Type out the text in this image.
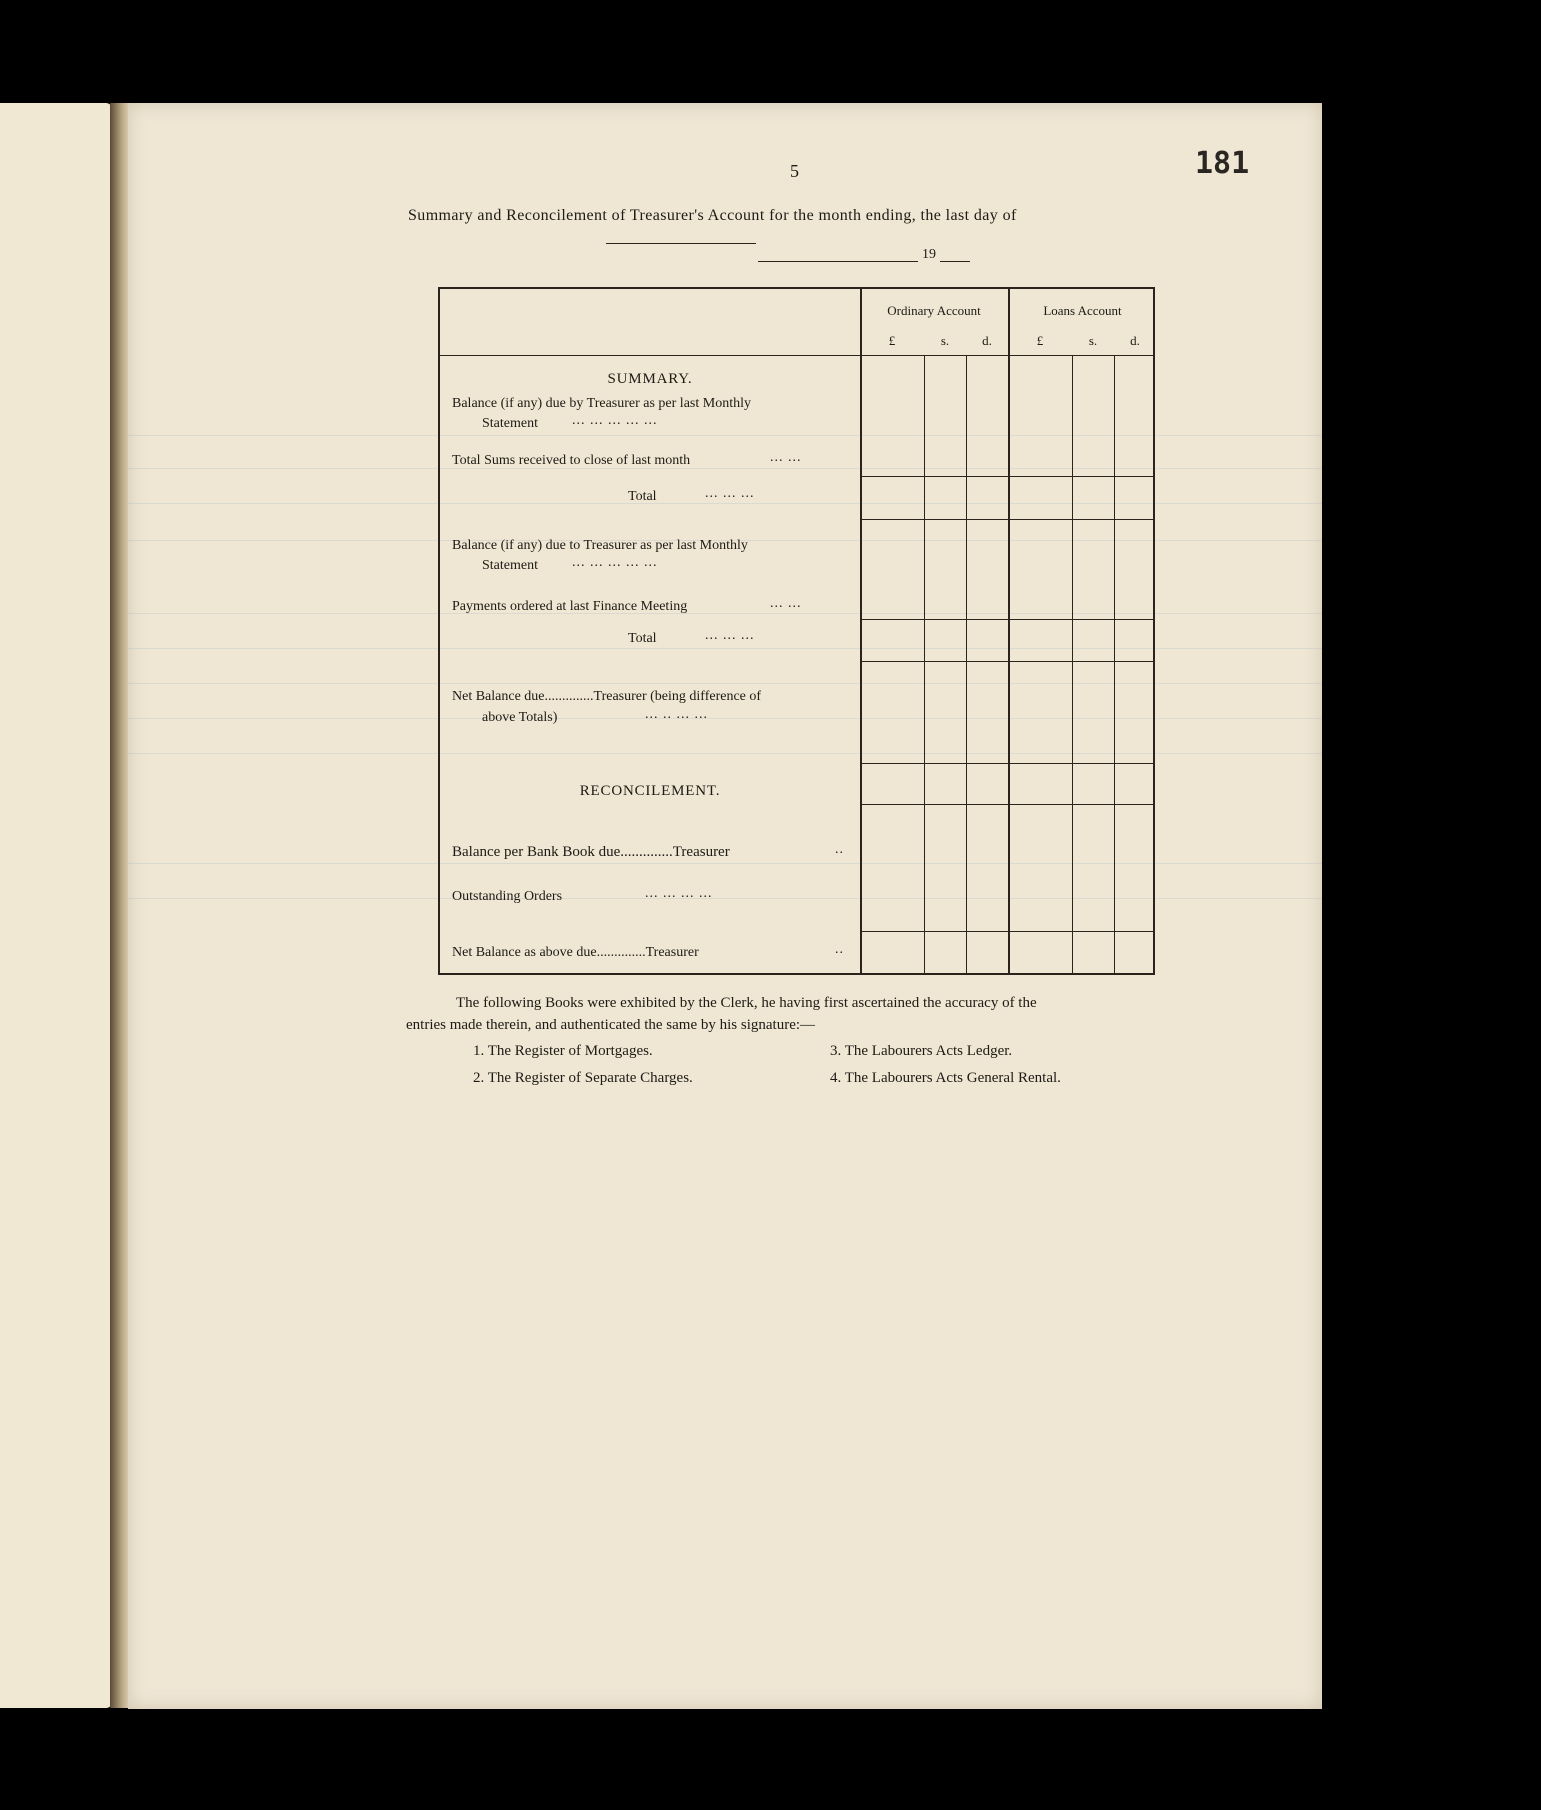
5	181
Summary and Reconcilement of Treasurer's Account for the month ending, the last day of
19
Ordinary Account	Loans Account
£	s.	d.	£	s.	d.
SUMMARY.
Balance (if any) due by Treasurer as per last Monthly
Statement ... ... ... ... ...
Total Sums received to close of last month	... ...
Total	... ... ...
Balance (if any) due to Treasurer as per last Monthly
Statement ... ... ... ... ...
Payments ordered at last Finance Meeting	... ...
Total	... ... ...
Net Balance due..............Treasurer (being difference of
above Totals)	... .. ... ...
RECONCILEMENT.
Balance per Bank Book due..............Treasurer	..
Outstanding Orders	... ... ... ...
Net Balance as above due..............Treasurer	..
The following Books were exhibited by the Clerk, he having first ascertained the accuracy of the
entries made therein, and authenticated the same by his signature:—
1. The Register of Mortgages.
2. The Register of Separate Charges.
3. The Labourers Acts Ledger.
4. The Labourers Acts General Rental.
